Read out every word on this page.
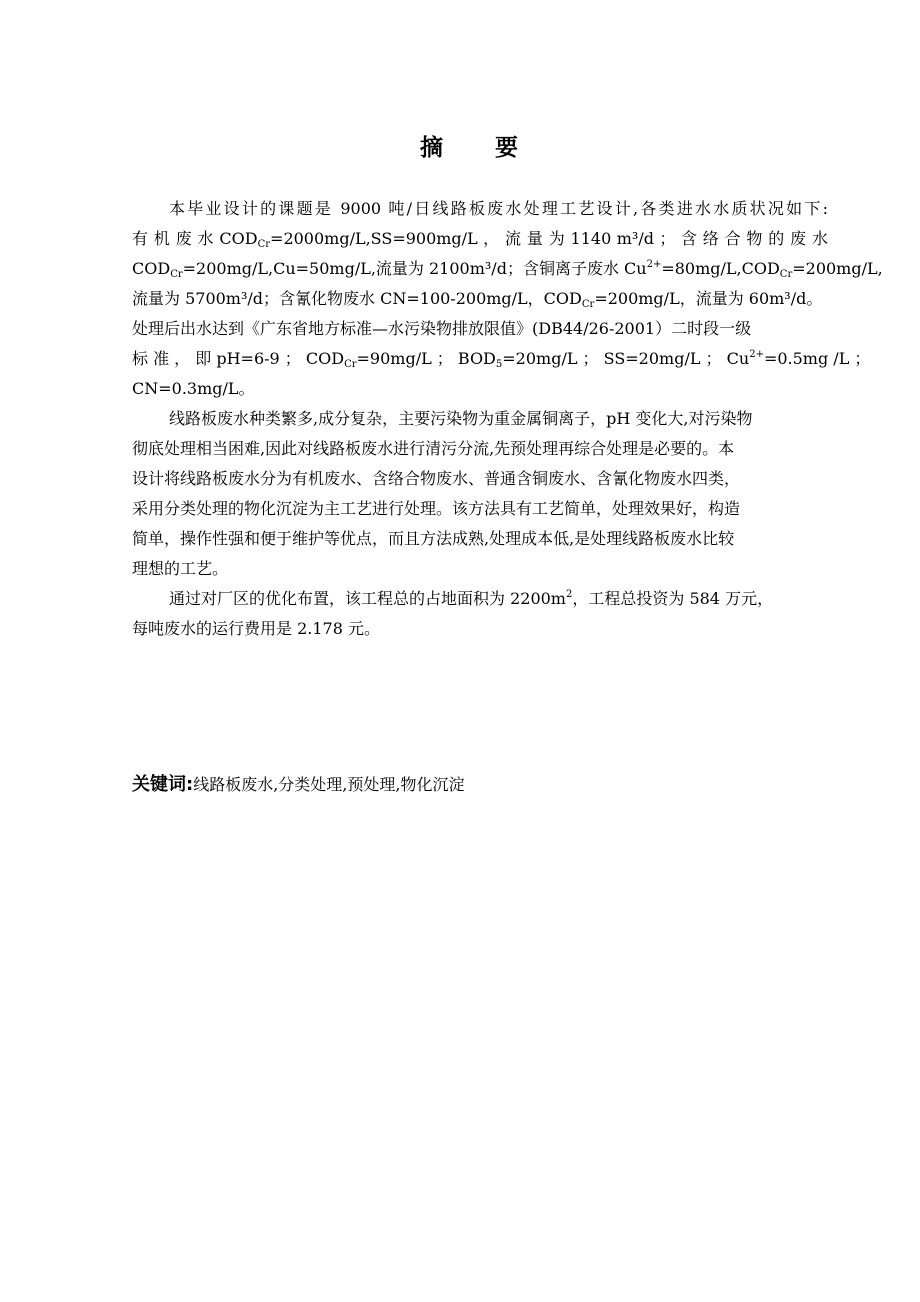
摘 要
本毕业设计的课题是 9000 吨/日线路板废水处理工艺设计,各类进水水质状况如下:
有 机 废 水 $COD_{Cr}=2000mg/L,SS=900mg/L$ ， 流 量 为 1140 m³/d ； 含 络 合 物 的 废 水
$COD_{Cr}=200mg/L,Cu=50mg/L$,流量为 2100m³/d；含铜离子废水 $Cu^{2+}=80mg/L,COD_{Cr}=200mg/L$,
流量为 5700m³/d；含氰化物废水 CN=100-200mg/L，$COD_{Cr}=200mg/L$，流量为 60m³/d。
处理后出水达到《广东省地方标准—水污染物排放限值》(DB44/26-2001）二时段一级
标 准 ， 即 pH=6-9 ； $COD_{Cr}=90mg/L$ ； $BOD_5=20mg/L$ ； SS=20mg/L ； $Cu^{2+}=0.5mg$ /L ；
CN=0.3mg/L。
线路板废水种类繁多,成分复杂，主要污染物为重金属铜离子，pH 变化大,对污染物
彻底处理相当困难,因此对线路板废水进行清污分流,先预处理再综合处理是必要的。本
设计将线路板废水分为有机废水、含络合物废水、普通含铜废水、含氰化物废水四类，
采用分类处理的物化沉淀为主工艺进行处理。该方法具有工艺简单，处理效果好，构造
简单，操作性强和便于维护等优点，而且方法成熟,处理成本低,是处理线路板废水比较
理想的工艺。
通过对厂区的优化布置，该工程总的占地面积为 $2200m^2$，工程总投资为 584 万元，
每吨废水的运行费用是 2.178 元。
关键词:线路板废水,分类处理,预处理,物化沉淀
